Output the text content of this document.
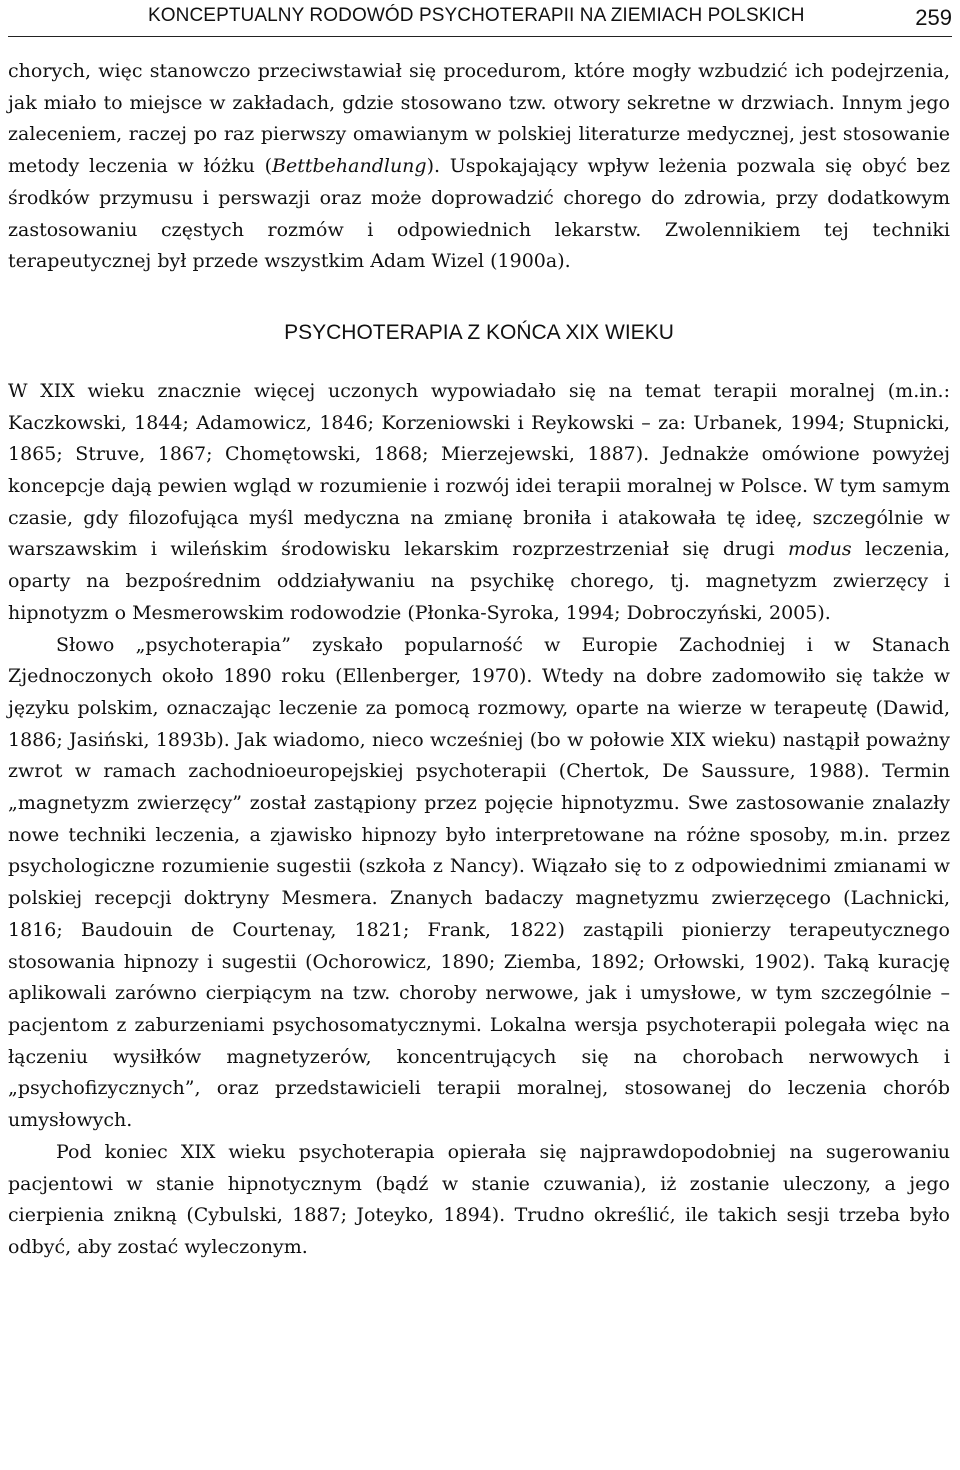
KONCEPTUALNY RODOWÓD PSYCHOTERAPII NA ZIEMIACH POLSKICH	259

chorych, więc stanowczo przeciwstawiał się procedurom, które mogły wzbudzić ich podejrzenia, jak miało to miejsce w zakładach, gdzie stosowano tzw. otwory sekretne w drzwiach. Innym jego zaleceniem, raczej po raz pierwszy omawianym w polskiej literaturze medycznej, jest stosowanie metody leczenia w łóżku (Bettbehandlung). Uspokajający wpływ leżenia pozwala się obyć bez środków przymusu i perswazji oraz może doprowadzić chorego do zdrowia, przy dodatkowym zastosowaniu częstych rozmów i odpowiednich lekarstw. Zwolennikiem tej techniki terapeutycznej był przede wszystkim Adam Wizel (1900a).

PSYCHOTERAPIA Z KOŃCA XIX WIEKU

W XIX wieku znacznie więcej uczonych wypowiadało się na temat terapii moralnej (m.in.: Kaczkowski, 1844; Adamowicz, 1846; Korzeniowski i Reykowski – za: Urbanek, 1994; Stupnicki, 1865; Struve, 1867; Chomętowski, 1868; Mierzejewski, 1887). Jednakże omówione powyżej koncepcje dają pewien wgląd w rozumienie i rozwój idei terapii moralnej w Polsce. W tym samym czasie, gdy filozofująca myśl medyczna na zmianę broniła i atakowała tę ideę, szczególnie w warszawskim i wileńskim środowisku lekarskim rozprzestrzeniał się drugi modus leczenia, oparty na bezpośrednim oddziaływaniu na psychikę chorego, tj. magnetyzm zwierzęcy i hipnotyzm o Mesmerowskim rodowodzie (Płonka-Syroka, 1994; Dobroczyński, 2005).

Słowo „psychoterapia” zyskało popularność w Europie Zachodniej i w Stanach Zjednoczonych około 1890 roku (Ellenberger, 1970). Wtedy na dobre zadomowiło się także w języku polskim, oznaczając leczenie za pomocą rozmowy, oparte na wierze w terapeutę (Dawid, 1886; Jasiński, 1893b). Jak wiadomo, nieco wcześniej (bo w połowie XIX wieku) nastąpił poważny zwrot w ramach zachodnioeuropejskiej psychoterapii (Chertok, De Saussure, 1988). Termin „magnetyzm zwierzęcy” został zastąpiony przez pojęcie hipnotyzmu. Swe zastosowanie znalazły nowe techniki leczenia, a zjawisko hipnozy było interpretowane na różne sposoby, m.in. przez psychologiczne rozumienie sugestii (szkoła z Nancy). Wiązało się to z odpowiednimi zmianami w polskiej recepcji doktryny Mesmera. Znanych badaczy magnetyzmu zwierzęcego (Lachnicki, 1816; Baudouin de Courtenay, 1821; Frank, 1822) zastąpili pionierzy terapeutycznego stosowania hipnozy i sugestii (Ochorowicz, 1890; Ziemba, 1892; Orłowski, 1902). Taką kurację aplikowali zarówno cierpiącym na tzw. choroby nerwowe, jak i umysłowe, w tym szczególnie – pacjentom z zaburzeniami psychosomatycznymi. Lokalna wersja psychoterapii polegała więc na łączeniu wysiłków magnetyzerów, koncentrujących się na chorobach nerwowych i „psychofizycznych”, oraz przedstawicieli terapii moralnej, stosowanej do leczenia chorób umysłowych.

Pod koniec XIX wieku psychoterapia opierała się najprawdopodobniej na sugerowaniu pacjentowi w stanie hipnotycznym (bądź w stanie czuwania), iż zostanie uleczony, a jego cierpienia znikną (Cybulski, 1887; Joteyko, 1894). Trudno określić, ile takich sesji trzeba było odbyć, aby zostać wyleczonym.
